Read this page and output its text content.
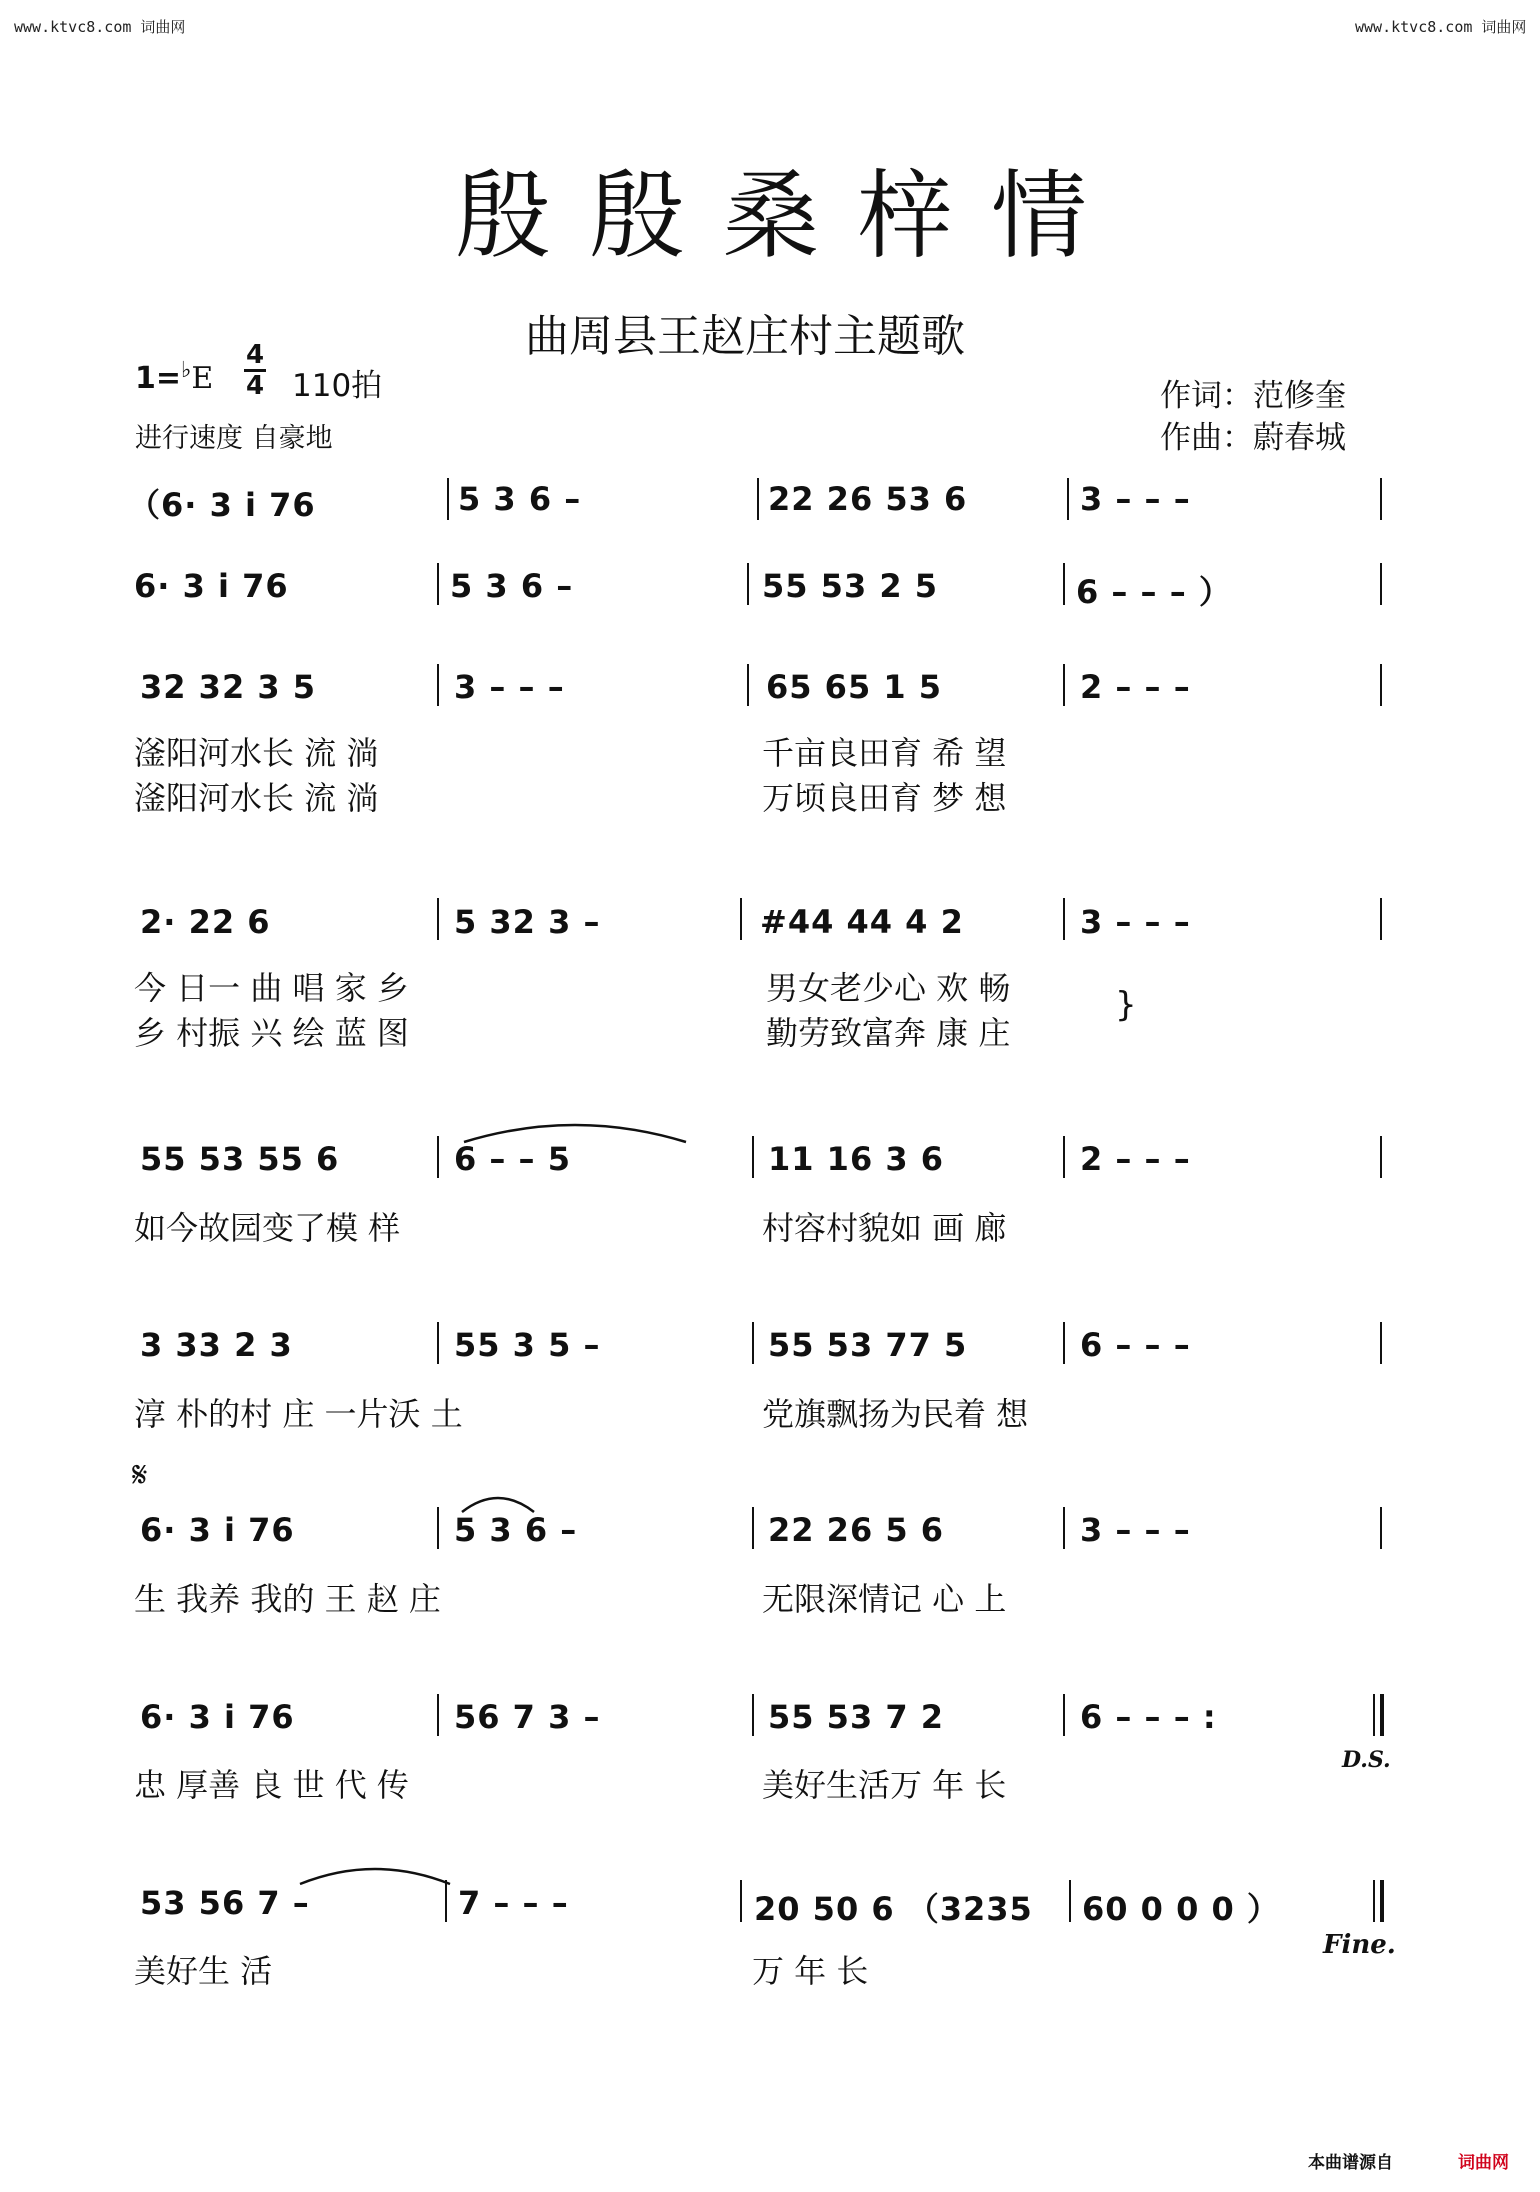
www.ktvc8.com 词曲网	www.ktvc8.com 词曲网
殷殷桑梓情
曲周县王赵庄村主题歌
1=♭E
4
4 110拍
进行速度 自豪地
作词：范修奎
作曲：蔚春城
（6· 3 i 76	5 3 6 –	22 26 53 6	3 – – –
6· 3 i 76	5 3 6 –	55 53 2 5	6 – – – ）
32 32 3 5	3 – – –	65 65 1 5	2 – – –
滏阳河水长 流 淌	千亩良田育 希 望
滏阳河水长 流 淌	万顷良田育 梦 想
2· 22 6	5 32 3 –	#44 44 4 2	3 – – –
今 日一 曲 唱 家 乡	男女老少心 欢 畅
乡 村振 兴 绘 蓝 图	勤劳致富奔 康 庄
}
55 53 55 6	6 – – 5	11 16 3 6	2 – – –
如今故园变了模 样	村容村貌如 画 廊
3 33 2 3	55 3 5 –	55 53 77 5	6 – – –
淳 朴的村 庄 一片沃 土	党旗飘扬为民着 想
𝄋
6· 3 i 76	5 3 6 –	22 26 5 6	3 – – –
生 我养 我的 王 赵 庄	无限深情记 心 上
6· 3 i 76	56 7 3 –	55 53 7 2	6 – – – :
忠 厚善 良 世 代 传	美好生活万 年 长
D.S.
53 56 7 –	7 – – –	20 50 6 （3235 60 0 0 0 ）
美好生 活	万 年 长
Fine.
本曲谱源自	词曲网
